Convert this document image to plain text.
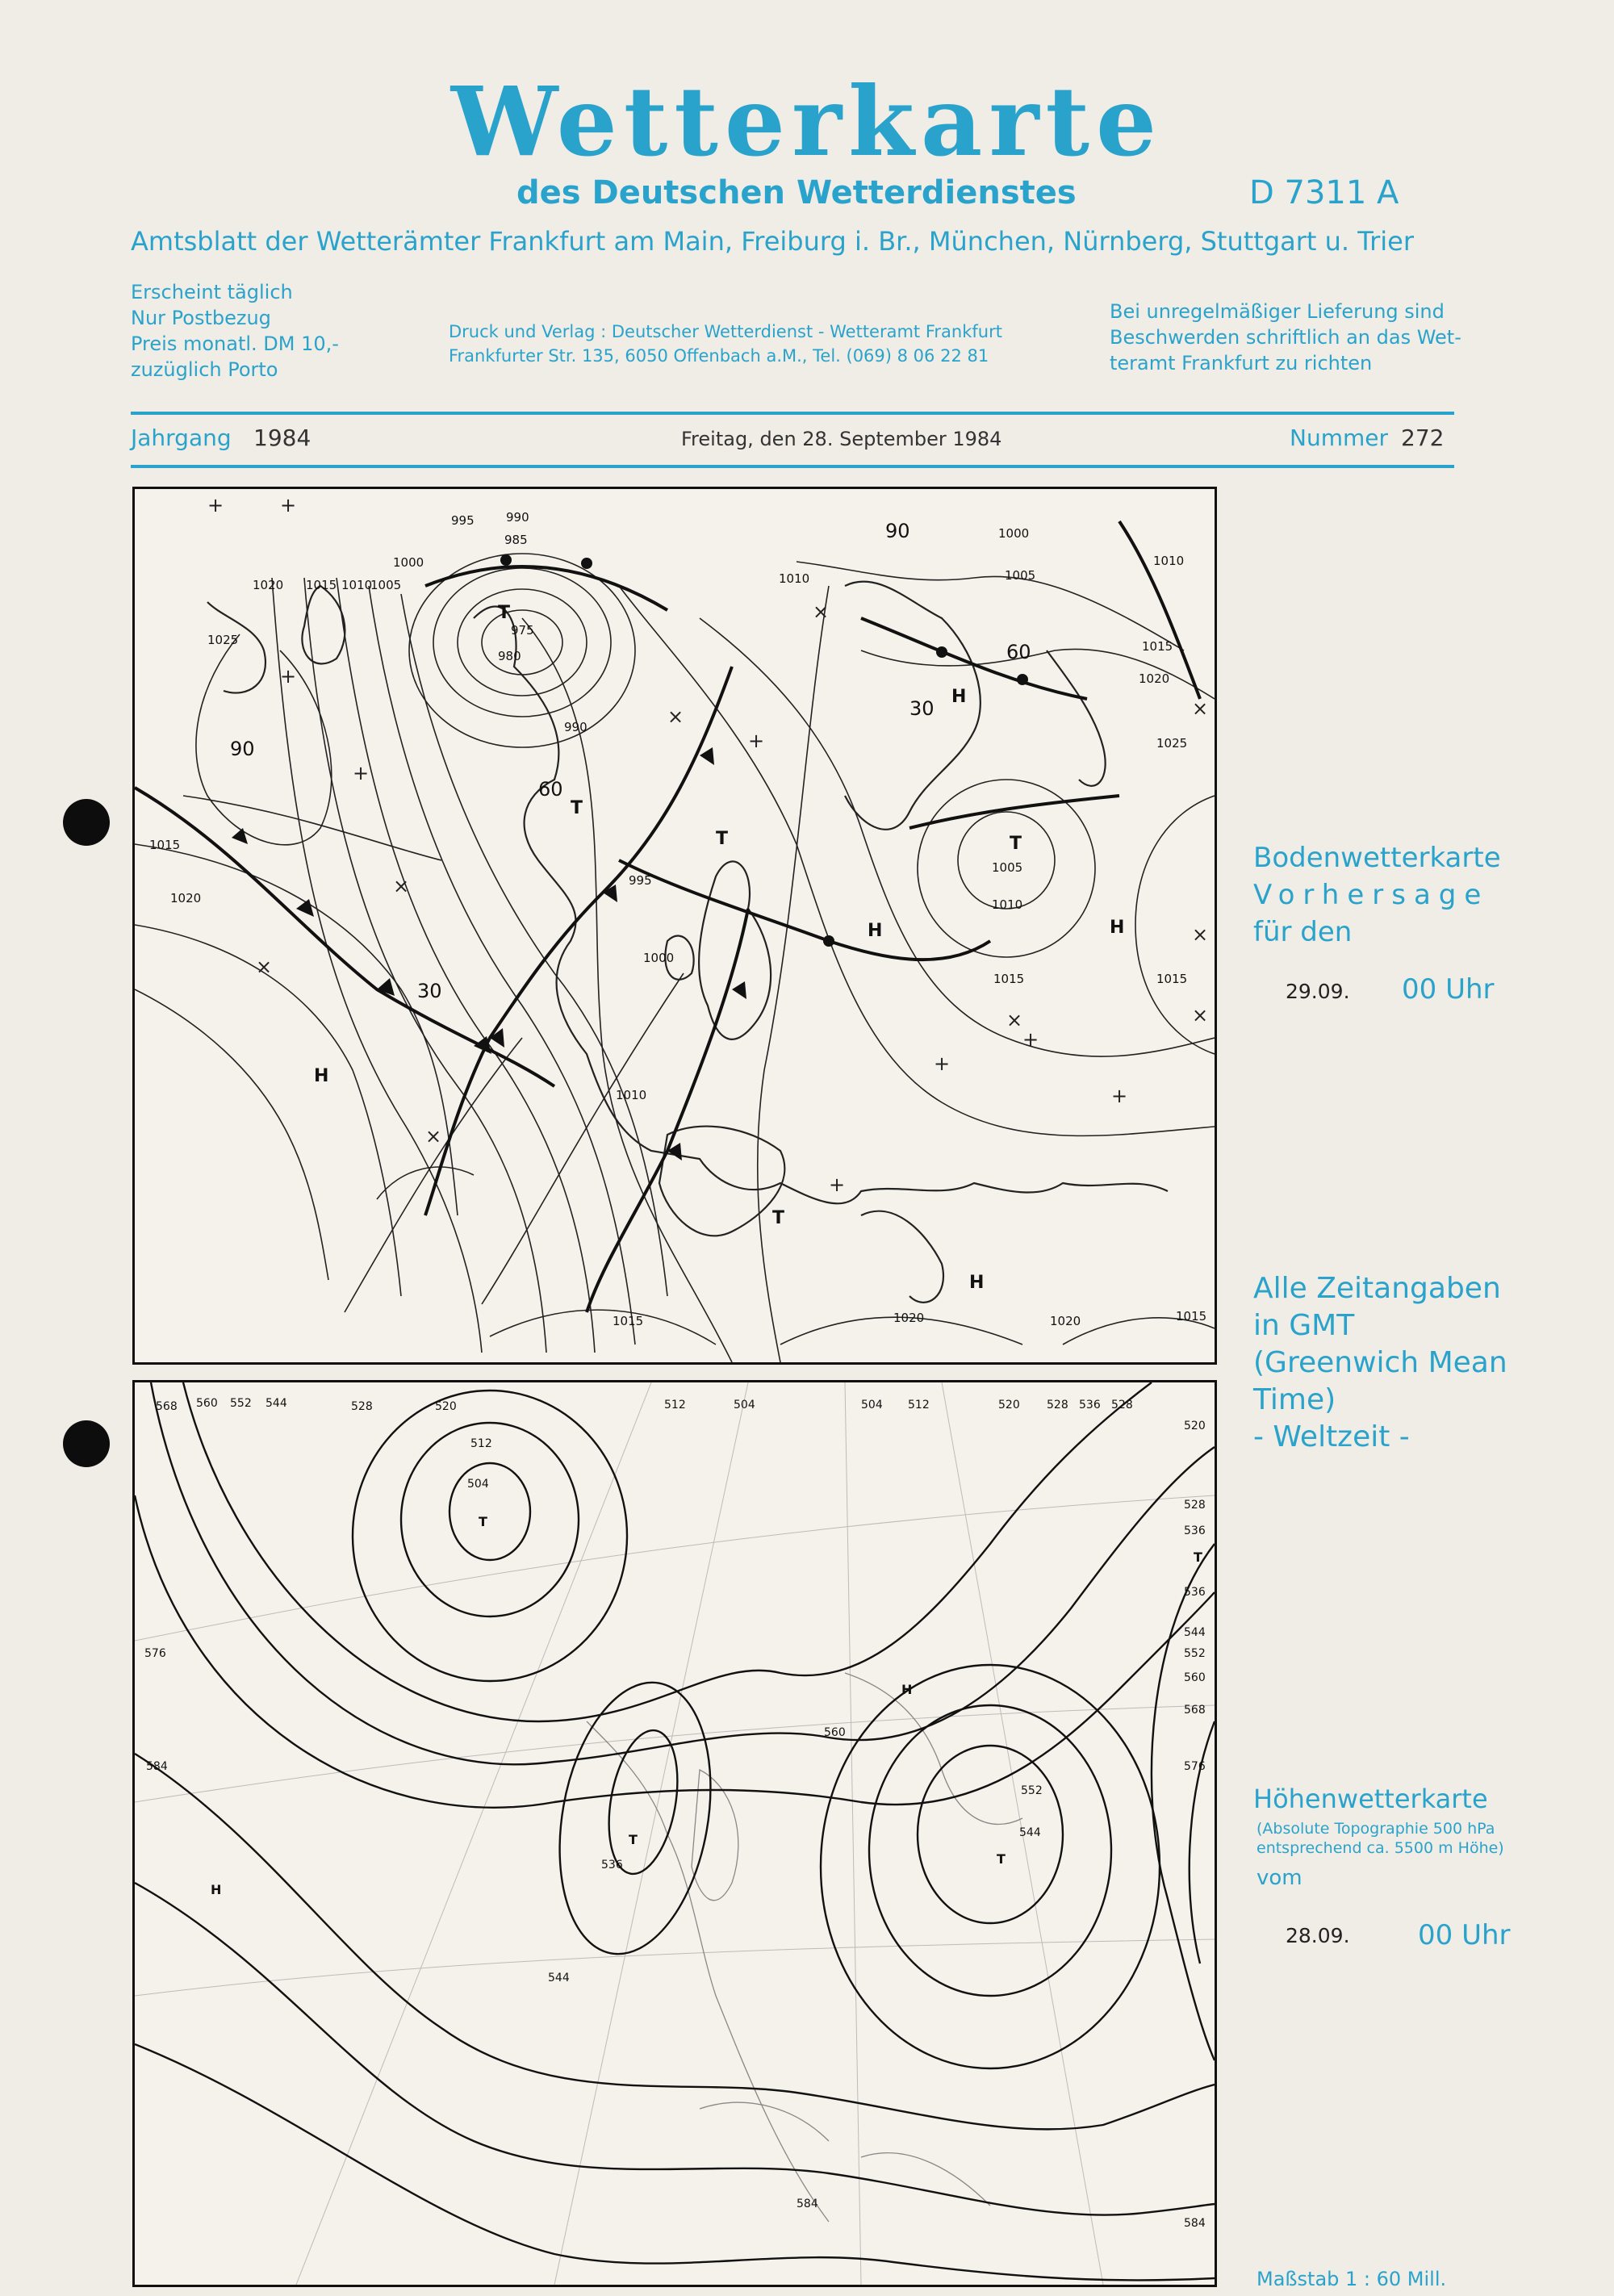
Wetterkarte
des Deutschen Wetterdienstes	D 7311 A
Amtsblatt der Wetterämter Frankfurt am Main, Freiburg i. Br., München, Nürnberg, Stuttgart u. Trier
Erscheint täglich
Nur Postbezug
Preis monatl. DM 10,-
zuzüglich Porto
Druck und Verlag : Deutscher Wetterdienst - Wetteramt Frankfurt
Frankfurter Str. 135, 6050 Offenbach a.M., Tel. (069) 8 06 22 81
Bei unregelmäßiger Lieferung sind
Beschwerden schriftlich an das Wet-
teramt Frankfurt zu richten
Jahrgang 1984	Freitag, den 28. September 1984	Nummer 272
995	990
985
975
980
1000
1005
1010
1015
1020
1025
1010
1000
1005
1010
1015
1020
1025
1015
1020
1015	1015
1015	1020	1020	1015
1005
1010
1000
1010
995
990
90
60
30
60
30
90
T
T
T	T
H
H
H	H
H
T
+
+
+	+
+
+
+
+
+
×
×
×
×
×
×
×
×
×
Bodenwetterkarte
Vorhersage
für den
29.09. 00 Uhr
Alle Zeitangaben
in GMT
(Greenwich Mean
Time)
- Weltzeit -
568 560 552 544	528	520	512	504	504 512	520 528 536 528
520
528
536
536
544
552
560
568
576
584
512
504
536
544
560
552
544
584
576
584
T
T
T
H
H
T
Höhenwetterkarte
(Absolute Topographie 500 hPa
entsprechend ca. 5500 m Höhe)
vom
28.09. 00 Uhr
Maßstab 1 : 60 Mill.
